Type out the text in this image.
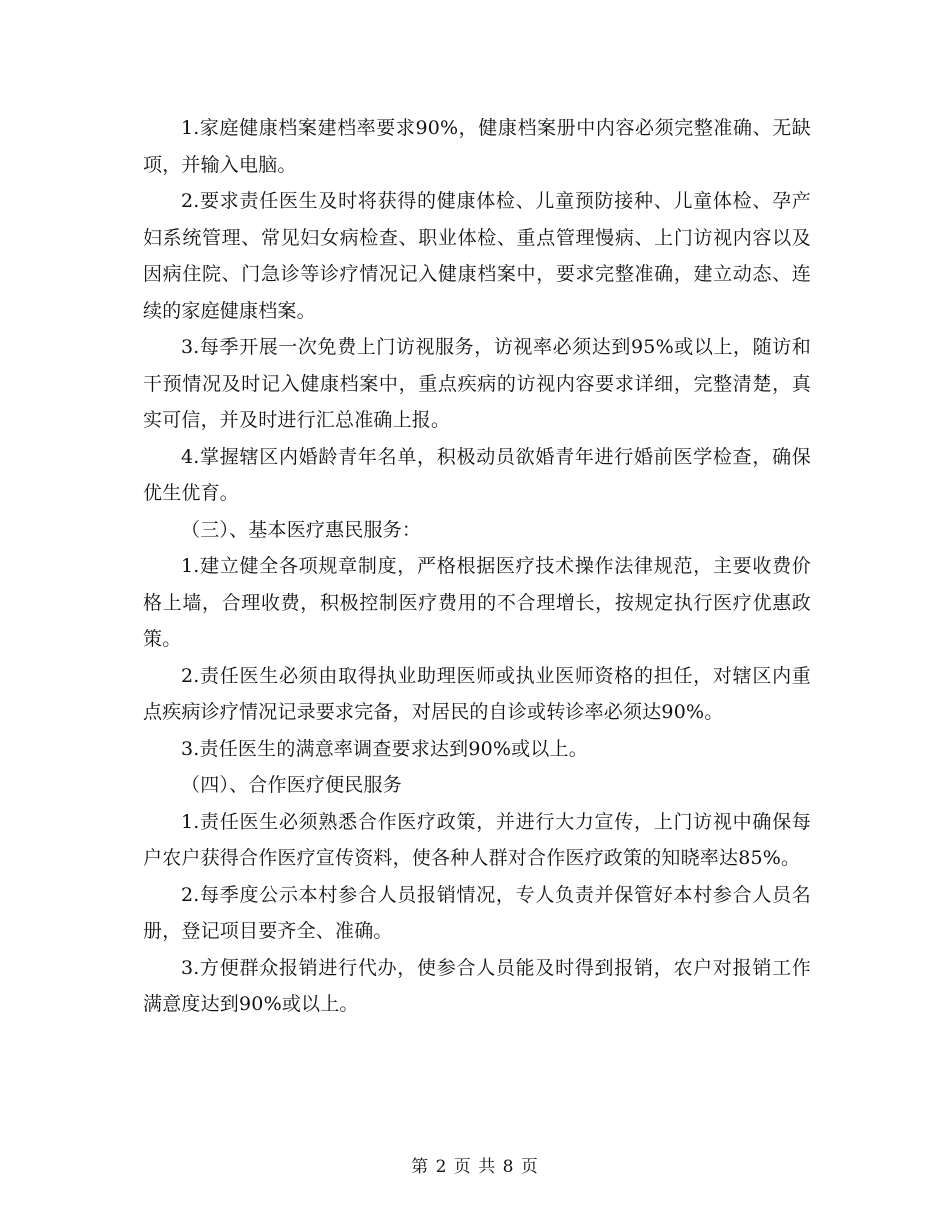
1.家庭健康档案建档率要求90%，健康档案册中内容必须完整准确、无缺项，并输入电脑。

2.要求责任医生及时将获得的健康体检、儿童预防接种、儿童体检、孕产妇系统管理、常见妇女病检查、职业体检、重点管理慢病、上门访视内容以及因病住院、门急诊等诊疗情况记入健康档案中，要求完整准确，建立动态、连续的家庭健康档案。

3.每季开展一次免费上门访视服务，访视率必须达到95%或以上，随访和干预情况及时记入健康档案中，重点疾病的访视内容要求详细，完整清楚，真实可信，并及时进行汇总准确上报。

4.掌握辖区内婚龄青年名单，积极动员欲婚青年进行婚前医学检查，确保优生优育。

（三）、基本医疗惠民服务：

1.建立健全各项规章制度，严格根据医疗技术操作法律规范，主要收费价格上墙，合理收费，积极控制医疗费用的不合理增长，按规定执行医疗优惠政策。

2.责任医生必须由取得执业助理医师或执业医师资格的担任，对辖区内重点疾病诊疗情况记录要求完备，对居民的自诊或转诊率必须达90%。

3.责任医生的满意率调查要求达到90%或以上。

（四）、合作医疗便民服务

1.责任医生必须熟悉合作医疗政策，并进行大力宣传，上门访视中确保每户农户获得合作医疗宣传资料，使各种人群对合作医疗政策的知晓率达85%。

2.每季度公示本村参合人员报销情况，专人负责并保管好本村参合人员名册，登记项目要齐全、准确。

3.方便群众报销进行代办，使参合人员能及时得到报销，农户对报销工作满意度达到90%或以上。

第 2 页 共 8 页
